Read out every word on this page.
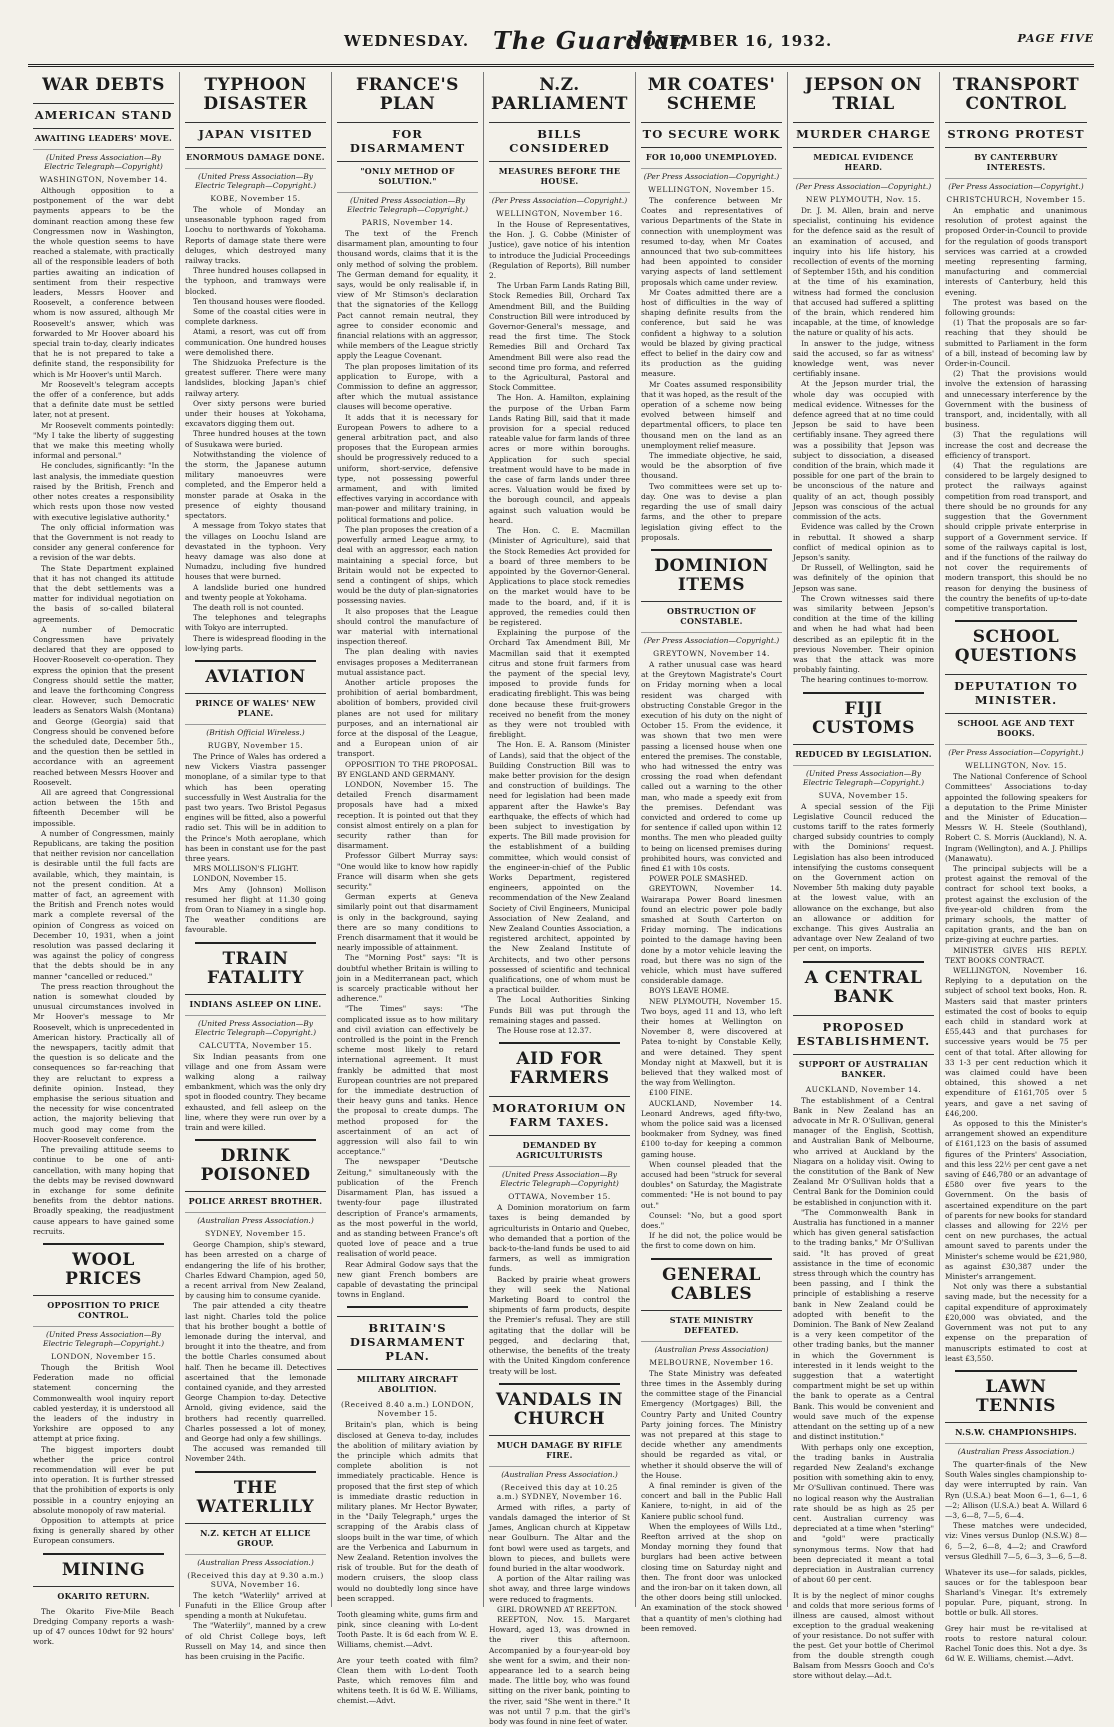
WEDNESDAY. The Guardian
NOVEMBER 16, 1932.	PAGE FIVE
WAR DEBTS
AMERICAN STAND
AWAITING LEADERS' MOVE.
(United Press Association—By Electric Telegraph—Copyright)
WASHINGTON, November 14.

Although opposition to a postponement of the war debt payments appears to be the dominant reaction among these few Congressmen now in Washington, the whole question seems to have reached a stalemate, with practically all of the responsible leaders of both parties awaiting an indication of sentiment from their respective leaders, Messrs Hoover and Roosevelt, a conference between whom is now assured, although Mr Roosevelt's answer, which was forwarded to Mr Hoover aboard his special train to-day, clearly indicates that he is not prepared to take a definite stand, the responsibility for which is Mr Hoover's until March.

Mr Roosevelt's telegram accepts the offer of a conference, but adds that a definite date must be settled later, not at present.

Mr Roosevelt comments pointedly: "My I take the liberty of suggesting that we make this meeting wholly informal and personal."

He concludes, significantly: "In the last analysis, the immediate question raised by the British, French and other notes creates a responsibility which rests upon those now vested with executive legislative authority."

The only official information was that the Government is not ready to consider any general conference for a revision of the war debts.

The State Department explained that it has not changed its attitude that the debt settlements was a matter for individual negotiation on the basis of so-called bilateral agreements.

A number of Democratic Congressmen have privately declared that they are opposed to Hoover-Roosevelt co-operation. They express the opinion that the present Congress should settle the matter, and leave the forthcoming Congress clear. However, such Democratic leaders as Senators Walsh (Montana) and George (Georgia) said that Congress should be convened before the scheduled date, December 5th., and the question then be settled in accordance with an agreement reached between Messrs Hoover and Roosevelt.

All are agreed that Congressional action between the 15th and fifteenth December will be impossible.

A number of Congressmen, mainly Republicans, are taking the position that neither revision nor cancellation is desirable until the full facts are available, which, they maintain, is not the present condition. At a matter of fact, an agreement with the British and French notes would mark a complete reversal of the opinion of Congress as voiced on December 10, 1931, when a joint resolution was passed declaring it was against the policy of congress that the debts should be in any manner "cancelled or reduced."

The press reaction throughout the nation is somewhat clouded by unusual circumstances involved in Mr Hoover's message to Mr Roosevelt, which is unprecedented in American history. Practically all of the newspapers, tacitly admit that the question is so delicate and the consequences so far-reaching that they are reluctant to express a definite opinion. Instead, they emphasise the serious situation and the necessity for wise concentrated action, the majority believing that much good may come from the Hoover-Roosevelt conference.

The prevailing attitude seems to continue to be one of anti-cancellation, with many hoping that the debts may be revised downward in exchange for some definite benefits from the debtor nations. Broadly speaking, the readjustment cause appears to have gained some recruits.

WOOL PRICES
OPPOSITION TO PRICE CONTROL.
(United Press Association—By Electric Telegraph—Copyright.)
LONDON, November 15.

Though the British Wool Federation made no official statement concerning the Commonwealth wool inquiry report cabled yesterday, it is understood all the leaders of the industry in Yorkshire are opposed to any attempt at price fixing.

The biggest importers doubt whether the price control recommendation will ever be put into operation. It is further stressed that the prohibition of exports is only possible in a country enjoying an absolute monopoly of raw material.

Opposition to attempts at price fixing is generally shared by other European consumers.

MINING
OKARITO RETURN.

The Okarito Five-Mile Beach Dredging Company reports a wash-up of 47 ounces 10dwt for 92 hours' work.

TYPHOON DISASTER
JAPAN VISITED
ENORMOUS DAMAGE DONE.
(United Press Association—By Electric Telegraph—Copyright.)
KOBE, November 15.

The whole of Monday an unseasonable typhoon raged from Loochu to northwards of Yokohama. Reports of damage state there were deluges, which destroyed many railway tracks.

Three hundred houses collapsed in the typhoon, and tramways were blocked.

Ten thousand houses were flooded.

Some of the coastal cities were in complete darkness.

Atami, a resort, was cut off from communication. One hundred houses were demolished there.

The Shidzuoka Prefecture is the greatest sufferer. There were many landslides, blocking Japan's chief railway artery.

Over sixty persons were buried under their houses at Yokohama, excavators digging them out.

Three hundred houses at the town of Susukawa were buried.

Notwithstanding the violence of the storm, the Japanese autumn military manoeuvres were completed, and the Emperor held a monster parade at Osaka in the presence of eighty thousand spectators.

A message from Tokyo states that the villages on Loochu Island are devastated in the typhoon. Very heavy damage was also done at Numadzu, including five hundred houses that were burned.

A landslide buried one hundred and twenty people at Yokohama.

The death roll is not counted.

The telephones and telegraphs with Tokyo are interrupted.

There is widespread flooding in the low-lying parts.

AVIATION
PRINCE OF WALES' NEW PLANE.
(British Official Wireless.)
RUGBY, November 15.

The Prince of Wales has ordered a new Vickers Viastra passenger monoplane, of a similar type to that which has been operating successfully in West Australia for the past two years. Two Bristol Pegasus engines will be fitted, also a powerful radio set. This will be in addition to the Prince's Moth aeroplane, which has been in constant use for the past three years.

MRS MOLLISON'S FLIGHT.

LONDON, November 15.

Mrs Amy (Johnson) Mollison resumed her flight at 11.30 going from Oran to Niamey in a single hop. The weather conditions are favourable.

TRAIN FATALITY
INDIANS ASLEEP ON LINE.
(United Press Association—By Electric Telegraph—Copyright.)
CALCUTTA, November 15.

Six Indian peasants from one village and one from Assam were walking along a railway embankment, which was the only dry spot in flooded country. They became exhausted, and fell asleep on the line, where they were run over by a train and were killed.

DRINK POISONED
POLICE ARREST BROTHER.
(Australian Press Association.)
SYDNEY, November 15.

George Champion, ship's steward, has been arrested on a charge of endangering the life of his brother, Charles Edward Champion, aged 50, a recent arrival from New Zealand, by causing him to consume cyanide.

The pair attended a city theatre last night. Charles told the police that his brother bought a bottle of lemonade during the interval, and brought it into the theatre, and from the bottle Charles consumed about half. Then he became ill. Detectives ascertained that the lemonade contained cyanide, and they arrested George Champion to-day. Detective Arnold, giving evidence, said the brothers had recently quarrelled. Charles possessed a lot of money, and George had only a few shillings.

The accused was remanded till November 24th.

THE WATERLILY
N.Z. KETCH AT ELLICE GROUP.
(Australian Press Association.)
(Received this day at 9.30 a.m.) SUVA, November 16.

The ketch "Waterlily" arrived at Funafuti in the Ellice Group after spending a month at Nukufetau.

The "Waterlily", manned by a crew of old Christ College boys, left Russell on May 14, and since then has been cruising in the Pacific.

FRANCE'S PLAN
FOR DISARMAMENT
"ONLY METHOD OF SOLUTION."
(United Press Association—By Electric Telegraph—Copyright.)
PARIS, November 14.

The text of the French disarmament plan, amounting to four thousand words, claims that it is the only method of solving the problem. The German demand for equality, it says, would be only realisable if, in view of Mr Stimson's declaration that the signatories of the Kellogg Pact cannot remain neutral, they agree to consider economic and financial relations with an aggressor, while members of the League strictly apply the League Covenant.

The plan proposes limitation of its application to Europe, with a Commission to define an aggressor, after which the mutual assistance clauses will become operative.

It adds that it is necessary for European Powers to adhere to a general arbitration pact, and also proposes that the European armies should be progressively reduced to a uniform, short-service, defensive type, not possessing powerful armament, and with limited effectives varying in accordance with man-power and military training, in political formations and police.

The plan proposes the creation of a powerfully armed League army, to deal with an aggressor, each nation maintaining a special force, but Britain would not be expected to send a contingent of ships, which would be the duty of plan-signatories possessing navies.

It also proposes that the League should control the manufacture of war material with international inspection thereof.

The plan dealing with navies envisages proposes a Mediterranean mutual assistance pact.

Another article proposes the prohibition of aerial bombardment, abolition of bombers, provided civil planes are not used for military purposes, and an international air force at the disposal of the League, and a European union of air transport.

OPPOSITION TO THE PROPOSAL. BY ENGLAND AND GERMANY.

LONDON, November 15. The detailed French disarmament proposals have had a mixed reception. It is pointed out that they consist almost entirely on a plan for security rather than for disarmament.

Professor Gilbert Murray says: "One would like to know how rapidly France will disarm when she gets security."

German experts at Geneva similarly point out that disarmament is only in the background, saying there are so many conditions to French disarmament that it would be nearly impossible of attainment.

The "Morning Post" says: "It is doubtful whether Britain is willing to join in a Mediterranean pact, which is scarcely practicable without her adherence."

"The Times" says: "The complicated issue as to how military and civil aviation can effectively be controlled is the point in the French scheme most likely to retard international agreement. It must frankly be admitted that most European countries are not prepared for the immediate destruction of their heavy guns and tanks. Hence the proposal to create dumps. The method proposed for the ascertainment of an act of aggression will also fail to win acceptance."

The newspaper "Deutsche Zeitung," simultaneously with the publication of the French Disarmament Plan, has issued a twenty-four page illustrated description of France's armaments, as the most powerful in the world, and as standing between France's oft quoted love of peace and a true realisation of world peace.

Rear Admiral Godow says that the new giant French bombers are capable of devastating the principal towns in England.

BRITAIN'S DISARMAMENT PLAN.
MILITARY AIRCRAFT ABOLITION.
(Received 8.40 a.m.) LONDON, November 15.

Britain's plan, which is being disclosed at Geneva to-day, includes the abolition of military aviation by the principle which admits that complete abolition is not immediately practicable. Hence is proposed that the first step of which is immediate drastic reduction in military planes. Mr Hector Bywater, in the "Daily Telegraph," urges the scrapping of the Arabis class of sloops built in the war time, of which are the Verbenica and Laburnum in New Zealand. Retention involves the risk of trouble. But for the death of modern cruisers, the sloop class would no doubtedly long since have been scrapped.

Tooth gleaming white, gums firm and pink, since cleaning with Lo-dent Tooth Paste. It is 6d each from W. E. Williams, chemist.—Advt.
Are your teeth coated with film? Clean them with Lo-dent Tooth Paste, which removes film and whitens teeth. It is 6d W. E. Williams, chemist.—Advt.
N.Z. PARLIAMENT
BILLS CONSIDERED
MEASURES BEFORE THE HOUSE.
(Per Press Association—Copyright.)
WELLINGTON, November 16.

In the House of Representatives, the Hon. J. G. Cobbe (Minister of Justice), gave notice of his intention to introduce the Judicial Proceedings (Regulation of Reports), Bill number 2.

The Urban Farm Lands Rating Bill, Stock Remedies Bill, Orchard Tax Amendment Bill, and the Building Construction Bill were introduced by Governor-General's message, and read the first time. The Stock Remedies Bill and Orchard Tax Amendment Bill were also read the second time pro forma, and referred to the Agricultural, Pastoral and Stock Committee.

The Hon. A. Hamilton, explaining the purpose of the Urban Farm Lands Rating Bill, said that it made provision for a special reduced rateable value for farm lands of three acres or more within boroughs. Application for such special treatment would have to be made in the case of farm lands under three acres. Valuation would be fixed by the borough council, and appeals against such valuation would be heard.

The Hon. C. E. Macmillan (Minister of Agriculture), said that the Stock Remedies Act provided for a board of three members to be appointed by the Governor-General. Applications to place stock remedies on the market would have to be made to the board, and, if it is approved, the remedies could then be registered.

Explaining the purpose of the Orchard Tax Amendment Bill, Mr Macmillan said that it exempted citrus and stone fruit farmers from the payment of the special levy, imposed to provide funds for eradicating fireblight. This was being done because these fruit-growers received no benefit from the money as they were not troubled with fireblight.

The Hon. E. A. Ransom (Minister of Lands), said that the object of the Building Construction Bill was to make better provision for the design and construction of buildings. The need for legislation had been made apparent after the Hawke's Bay earthquake, the effects of which had been subject to investigation by experts. The Bill made provision for the establishment of a building committee, which would consist of the engineer-in-chief of the Public Works Department, registered engineers, appointed on the recommendation of the New Zealand Society of Civil Engineers, Municipal Association of New Zealand, and New Zealand Counties Association, a registered architect, appointed by the New Zealand Institute of Architects, and two other persons possessed of scientific and technical qualifications, one of whom must be a practical builder.

The Local Authorities Sinking Funds Bill was put through the remaining stages and passed.

The House rose at 12.37.

AID FOR FARMERS
MORATORIUM ON FARM TAXES.
DEMANDED BY AGRICULTURISTS
(United Press Association—By Electric Telegraph—Copyright)
OTTAWA, November 15.

A Dominion moratorium on farm taxes is being demanded by agriculturists in Ontario and Quebec, who demanded that a portion of the back-to-the-land funds be used to aid farmers, as well as immigration funds.

Backed by prairie wheat growers they will seek the National Marketing Board to control the shipments of farm products, despite the Premier's refusal. They are still agitating that the dollar will be pegged, and declaring that, otherwise, the benefits of the treaty with the United Kingdom conference treaty will be lost.

VANDALS IN CHURCH
MUCH DAMAGE BY RIFLE FIRE.
(Australian Press Association.)
(Received this day at 10.25 a.m.) SYDNEY, November 16.

Armed with rifles, a party of vandals damaged the interior of St James, Anglican church at Kippetaw near Goulburn. The Altar and the font bowl were used as targets, and blown to pieces, and bullets were found buried in the altar woodwork.

A portion of the Altar railing was shot away, and three large windows were reduced to fragments.

GIRL DROWNED AT REEFTON.

REEFTON, Nov. 15. Margaret Howard, aged 13, was drowned in the river this afternoon. Accompanied by a four-year-old boy she went for a swim, and their non-appearance led to a search being made. The little boy, who was found sitting on the river bank, pointing to the river, said "She went in there." It was not until 7 p.m. that the girl's body was found in nine feet of water.

MR COATES' SCHEME
TO SECURE WORK
FOR 10,000 UNEMPLOYED.
(Per Press Association—Copyright.)
WELLINGTON, November 15.

The conference between Mr Coates and representatives of various Departments of the State in connection with unemployment was resumed to-day, when Mr Coates announced that two sub-committees had been appointed to consider varying aspects of land settlement proposals which came under review.

Mr Coates admitted there are a host of difficulties in the way of shaping definite results from the conference, but said he was confident a highway to a solution would be blazed by giving practical effect to belief in the dairy cow and its production as the guiding measure.

Mr Coates assumed responsibility that it was hoped, as the result of the operation of a scheme now being evolved between himself and departmental officers, to place ten thousand men on the land as an unemployment relief measure.

The immediate objective, he said, would be the absorption of five thousand.

Two committees were set up to-day. One was to devise a plan regarding the use of small dairy farms, and the other to prepare legislation giving effect to the proposals.

DOMINION ITEMS
OBSTRUCTION OF CONSTABLE.
(Per Press Association—Copyright.)
GREYTOWN, November 14.

A rather unusual case was heard at the Greytown Magistrate's Court on Friday morning when a local resident was charged with obstructing Constable Gregor in the execution of his duty on the night of October 15. From the evidence, it was shown that two men were passing a licensed house when one entered the premises. The constable, who had witnessed the entry was crossing the road when defendant called out a warning to the other man, who made a speedy exit from the premises. Defendant was convicted and ordered to come up for sentence if called upon within 12 months. The men who pleaded guilty to being on licensed premises during prohibited hours, was convicted and fined £1 with 10s costs.

POWER POLE SMASHED.

GREYTOWN, November 14. Wairarapa Power Board linesmen found an electric power pole badly smashed at South Carterton on Friday morning. The indications pointed to the damage having been done by a motor vehicle leaving the road, but there was no sign of the vehicle, which must have suffered considerable damage.

BOYS LEAVE HOME.

NEW PLYMOUTH, November 15. Two boys, aged 11 and 13, who left their homes at Wellington on November 8, were discovered at Patea to-night by Constable Kelly, and were detained. They spent Monday night at Maxwell, but it is believed that they walked most of the way from Wellington.

£100 FINE.

AUCKLAND, November 14. Leonard Andrews, aged fifty-two, whom the police said was a licensed bookmaker from Sydney, was fined £100 to-day for keeping a common gaming house.

When counsel pleaded that the accused had been "struck for several doubles" on Saturday, the Magistrate commented: "He is not bound to pay out."

Counsel: "No, but a good sport does."

If he did not, the police would be the first to come down on him.

GENERAL CABLES
STATE MINISTRY DEFEATED.
(Australian Press Association)
MELBOURNE, November 16.

The State Ministry was defeated three times in the Assembly during the committee stage of the Financial Emergency (Mortgages) Bill, the Country Party and United Country Party joining forces. The Ministry was not prepared at this stage to decide whether any amendments should be regarded as vital, or whether it should observe the will of the House.

A final reminder is given of the concert and ball in the Public Hall Kaniere, to-night, in aid of the Kaniere public school fund.

When the employees of Wills Ltd., Reefton arrived at the shop on Monday morning they found that burglars had been active between closing time on Saturday night and then. The front door was unlocked and the iron-bar on it taken down, all the other doors being still unlocked. An examination of the stock showed that a quantity of men's clothing had been removed.

JEPSON ON TRIAL
MURDER CHARGE
MEDICAL EVIDENCE HEARD.
(Per Press Association—Copyright.)
NEW PLYMOUTH, Nov. 15.

Dr. J. M. Allen, brain and nerve specialist, continuing his evidence for the defence said as the result of an examination of accused, and inquiry into his life history, his recollection of events of the morning of September 15th, and his condition at the time of his examination, witness had formed the conclusion that accused had suffered a splitting of the brain, which rendered him incapable, at the time, of knowledge the nature or quality of his acts.

In answer to the judge, witness said the accused, so far as witness' knowledge went, was never certifiably insane.

At the Jepson murder trial, the whole day was occupied with medical evidence. Witnesses for the defence agreed that at no time could Jepson be said to have been certifiably insane. They agreed there was a possibility that Jepson was subject to dissociation, a diseased condition of the brain, which made it possible for one part of the brain to be unconscious of the nature and quality of an act, though possibly Jepson was conscious of the actual commission of the acts.

Evidence was called by the Crown in rebuttal. It showed a sharp conflict of medical opinion as to Jepson's sanity.

Dr Russell, of Wellington, said he was definitely of the opinion that Jepson was sane.

The Crown witnesses said there was similarity between Jepson's condition at the time of the killing and when he had what had been described as an epileptic fit in the previous November. Their opinion was that the attack was more probably fainting.

The hearing continues to-morrow.

FIJI CUSTOMS
REDUCED BY LEGISLATION.
(United Press Association—By Electric Telegraph—Copyright.)
SUVA, November 15.

A special session of the Fiji Legislative Council reduced the customs tariff to the rates formerly charged subsidy countries to comply with the Dominions' request. Legislation has also been introduced intensifying the customs consequent on the Government action on November 5th making duty payable at the lowest value, with an allowance on the exchange, but also an allowance or addition for exchange. This gives Australia an advantage over New Zealand of two per cent, on imports.

A CENTRAL BANK
PROPOSED ESTABLISHMENT.
SUPPORT OF AUSTRALIAN BANKER.
AUCKLAND, November 14.

The establishment of a Central Bank in New Zealand has an advocate in Mr R. O'Sullivan, general manager of the English, Scottish, and Australian Bank of Melbourne, who arrived at Auckland by the Niagara on a holiday visit. Owing to the constitution of the Bank of New Zealand Mr O'Sullivan holds that a Central Bank for the Dominion could be established in conjunction with it.

"The Commonwealth Bank in Australia has functioned in a manner which has given general satisfaction to the trading banks," Mr O'Sullivan said. "It has proved of great assistance in the time of economic stress through which the country has been passing, and I think the principle of establishing a reserve bank in New Zealand could be adopted with benefit to the Dominion. The Bank of New Zealand is a very keen competitor of the other trading banks, but the manner in which the Government is interested in it lends weight to the suggestion that a watertight compartment might be set up within the bank to operate as a Central Bank. This would be convenient and would save much of the expense attendant on the setting up of a new and distinct institution."

With perhaps only one exception, the trading banks in Australia regarded New Zealand's exchange position with something akin to envy, Mr O'Sullivan continued. There was no logical reason why the Australian rate should be as high as 25 per cent. Australian currency was depreciated at a time when "sterling" and "gold" were practically synonymous terms. Now that had been depreciated it meant a total depreciation in Australian currency of about 60 per cent.

It is by the neglect of minor coughs and colds that more serious forms of illness are caused, almost without exception to the gradual weakening of your resistance. Do not suffer with the pest. Get your bottle of Cherimol from the double strength cough Balsam from Messrs Gooch and Co's store without delay.—Ad.t.
TRANSPORT CONTROL
STRONG PROTEST
BY CANTERBURY INTERESTS.
(Per Press Association—Copyright.)
CHRISTCHURCH, November 15.

An emphatic and unanimous resolution of protest against the proposed Order-in-Council to provide for the regulation of goods transport services was carried at a crowded meeting representing farming, manufacturing and commercial interests of Canterbury, held this evening.

The protest was based on the following grounds:

(1) That the proposals are so far-reaching that they should be submitted to Parliament in the form of a bill, instead of becoming law by Order-in-Council.

(2) That the provisions would involve the extension of harassing and unnecessary interference by the Government with the business of transport, and, incidentally, with all business.

(3) That the regulations will increase the cost and decrease the efficiency of transport.

(4) That the regulations are considered to be largely designed to protect the railways against competition from road transport, and there should be no grounds for any suggestion that the Government should cripple private enterprise in support of a Government service. If some of the railways capital is lost, and if the functions of the railway do not cover the requirements of modern transport, this should be no reason for denying the business of the country the benefits of up-to-date competitive transportation.

SCHOOL QUESTIONS
DEPUTATION TO MINISTER.
SCHOOL AGE AND TEXT BOOKS.
(Per Press Association—Copyright.)
WELLINGTON, Nov. 15.

The National Conference of School Committees' Associations to-day appointed the following speakers for a deputation to the Prime Minister and the Minister of Education—Messrs W. H. Steele (Southland), Robert C. S. Morris (Auckland), N. A. Ingram (Wellington), and A. J. Phillips (Manawatu).

The principal subjects will be a protest against the removal of the contract for school text books, a protest against the exclusion of the five-year-old children from the primary schools, the matter of capitation grants, and the ban on prize-giving at euchre parties.

MINISTER GIVES HIS REPLY. TEXT BOOKS CONTRACT.

WELLINGTON, November 16. Replying to a deputation on the subject of school text books, Hon. R. Masters said that master printers estimated the cost of books to equip each child in standard work at £55,443 and that purchases for successive years would be 75 per cent of that total. After allowing for 33 1-3 per cent reduction which it was claimed could have been obtained, this showed a net expenditure of £161,705 over 5 years, and gave a net saving of £46,200.

As opposed to this the Minister's arrangement showed an expenditure of £161,123 on the basis of assumed figures of the Printers' Association, and this less 22½ per cent gave a net saving of £46,780 or an advantage of £580 over five years to the Government. On the basis of ascertained expenditure on the part of parents for new books for standard classes and allowing for 22½ per cent on new purchases, the actual amount saved to parents under the Minister's scheme would be £21,980, as against £30,387 under the Minister's arrangement.

Not only was there a substantial saving made, but the necessity for a capital expenditure of approximately £20,000 was obviated, and the Government was not put to any expense on the preparation of manuscripts estimated to cost at least £3,550.

LAWN TENNIS
N.S.W. CHAMPIONSHIPS.
(Australian Press Association.)

The quarter-finals of the New South Wales singles championship to-day were interrupted by rain. Van Ryn (U.S.A.) beat Moon 6—1, 6—1, 6—2; Allison (U.S.A.) beat A. Willard 6—3, 6—8, 7—5, 6—4.

These matches were undecided, viz: Vines versus Dunlop (N.S.W.) 8—6, 5—2, 6—8, 4—2; and Crawford versus Gledhill 7—5, 6—3, 3—6, 5—8.

Whatever its use—for salads, pickles, sauces or for the tablespoon bear Sharland's Vinegar. It's extremely popular. Pure, piquant, strong. In bottle or bulk. All stores.
Grey hair must be re-vitalised at roots to restore natural colour. Rachel Tonic does this. Not a dye. 3s 6d W. E. Williams, chemist.—Advt.
